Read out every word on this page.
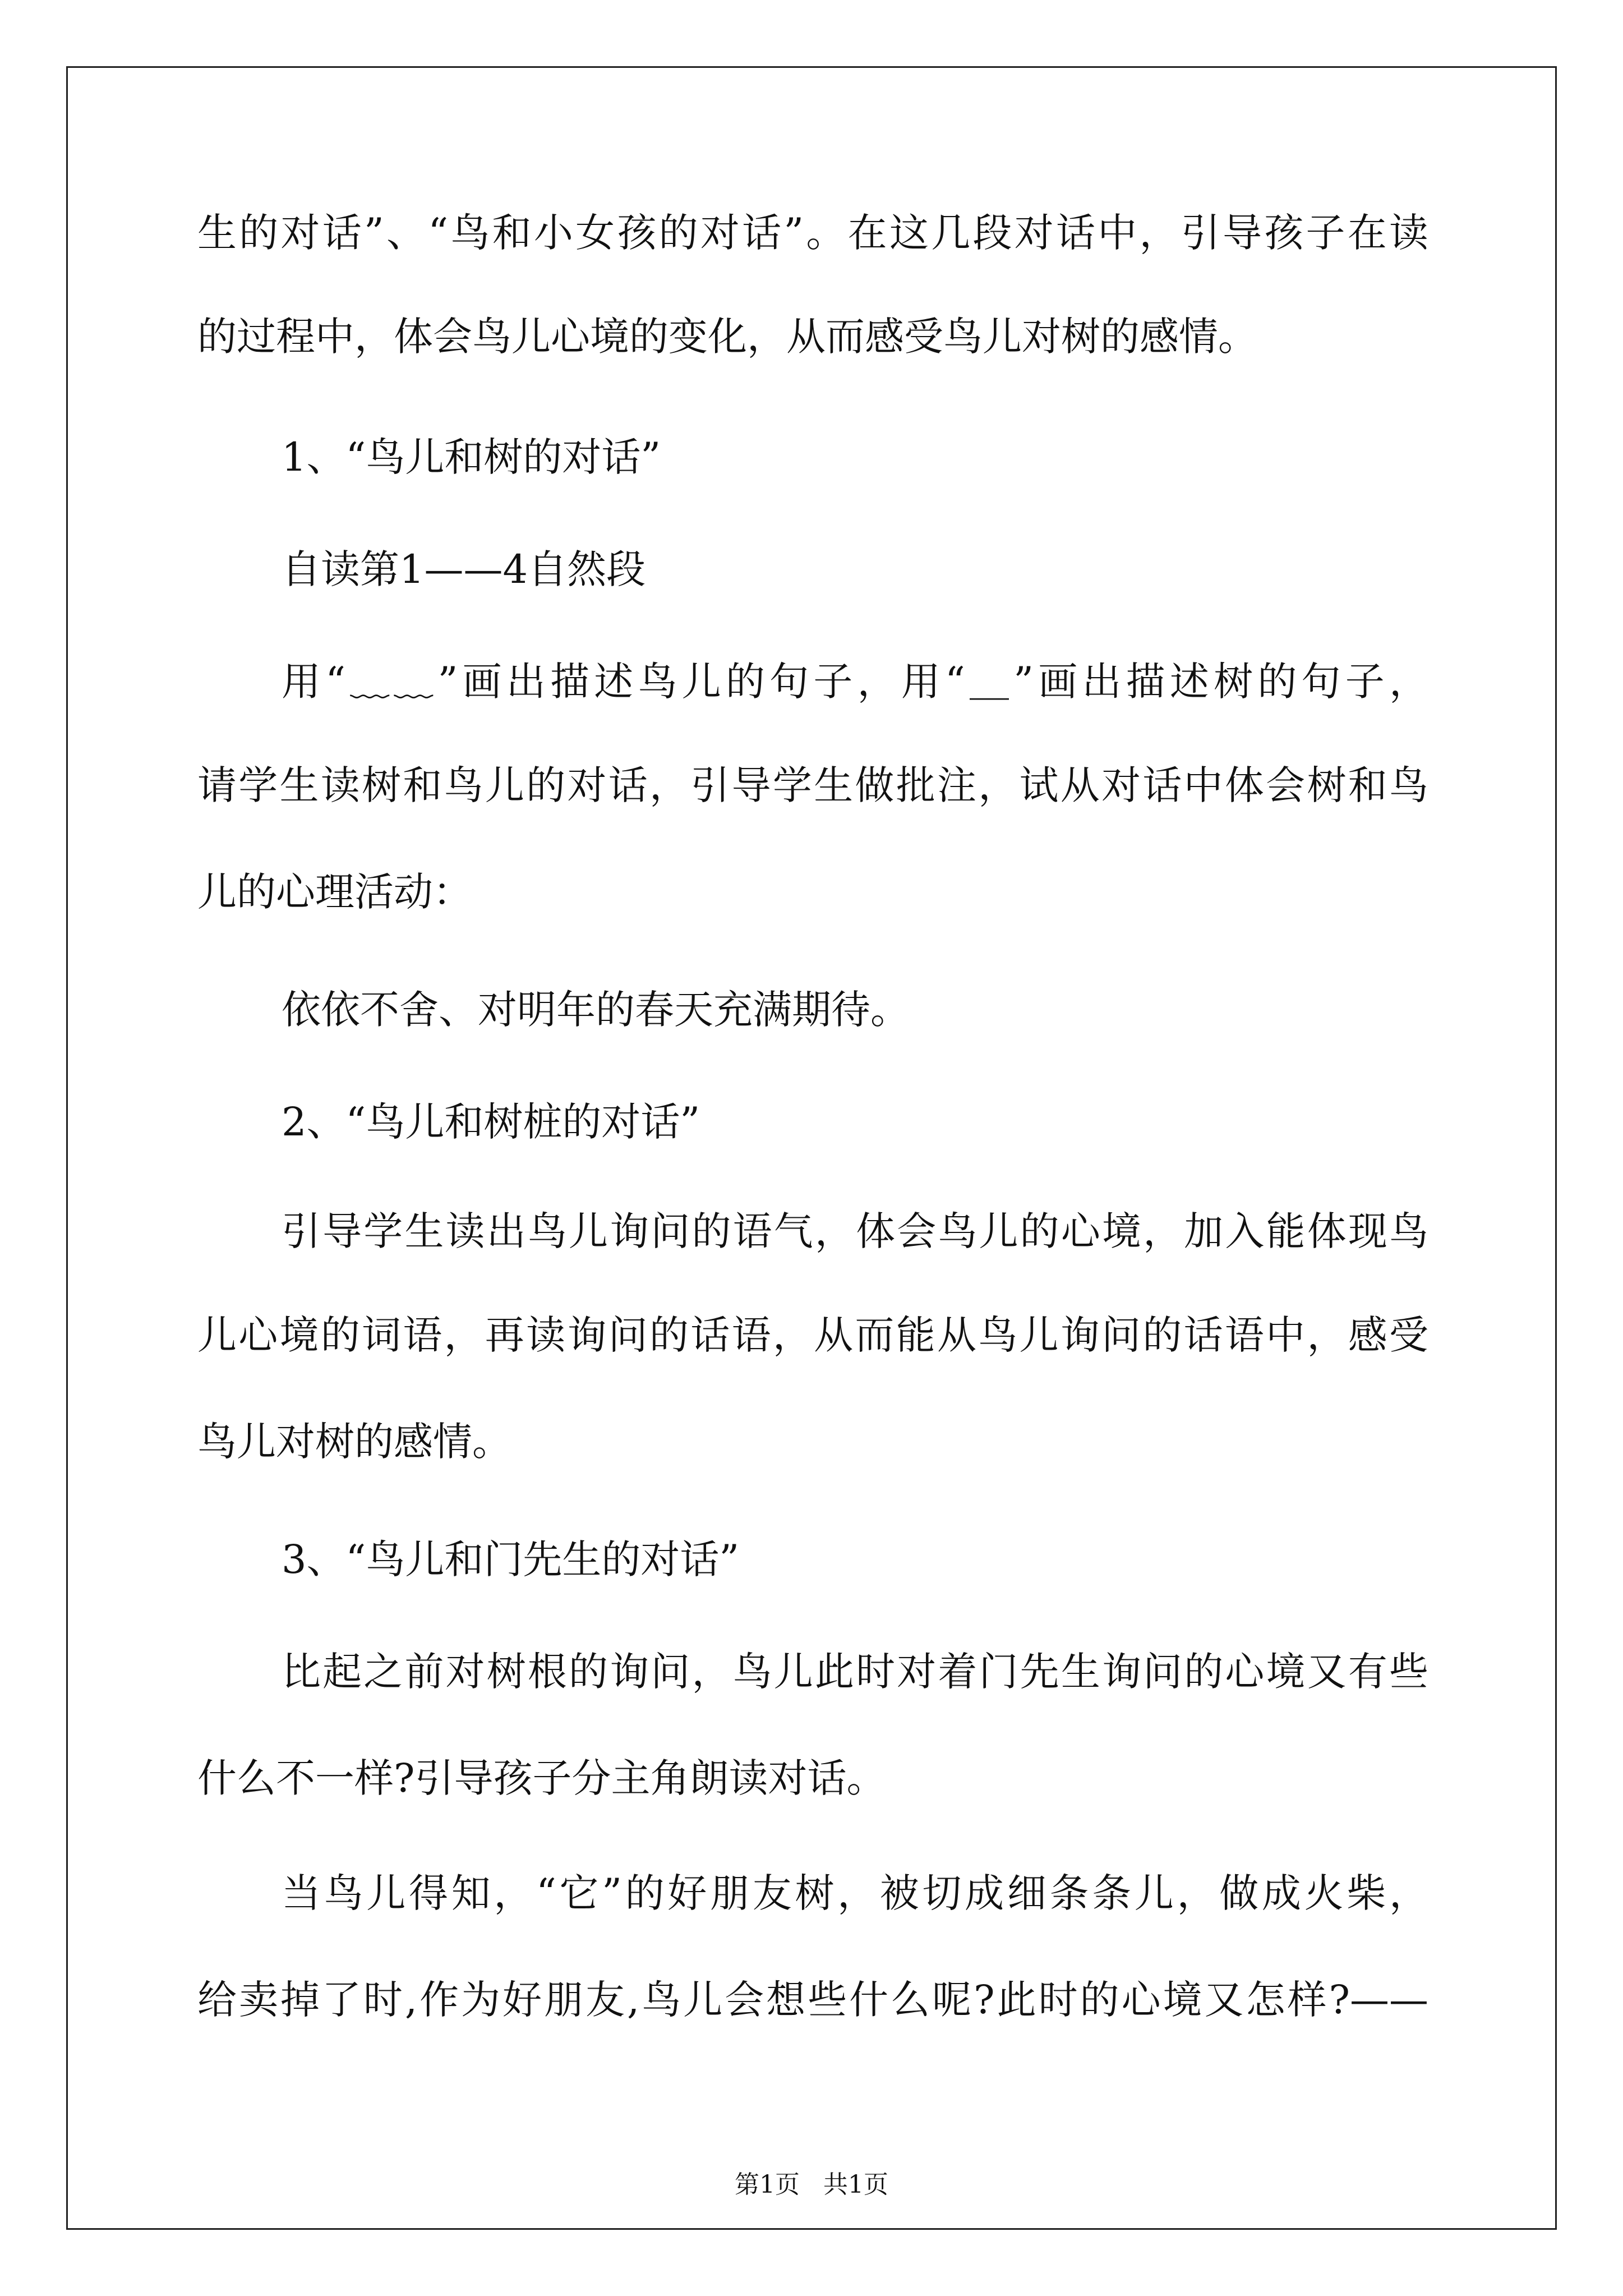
生的对话”、“鸟和小女孩的对话”。在这几段对话中，引导孩子在读
的过程中，体会鸟儿心境的变化，从而感受鸟儿对树的感情。
1、“鸟儿和树的对话”
自读第1——4自然段
用“﹏﹏”画出描述鸟儿的句子，用“＿”画出描述树的句子，
请学生读树和鸟儿的对话，引导学生做批注，试从对话中体会树和鸟
儿的心理活动：
依依不舍、对明年的春天充满期待。
2、“鸟儿和树桩的对话”
引导学生读出鸟儿询问的语气，体会鸟儿的心境，加入能体现鸟
儿心境的词语，再读询问的话语，从而能从鸟儿询问的话语中，感受
鸟儿对树的感情。
3、“鸟儿和门先生的对话”
比起之前对树根的询问，鸟儿此时对着门先生询问的心境又有些
什么不一样?引导孩子分主角朗读对话。
当鸟儿得知，“它”的好朋友树，被切成细条条儿，做成火柴，
给卖掉了时,作为好朋友,鸟儿会想些什么呢?此时的心境又怎样?——
第1页 共1页
